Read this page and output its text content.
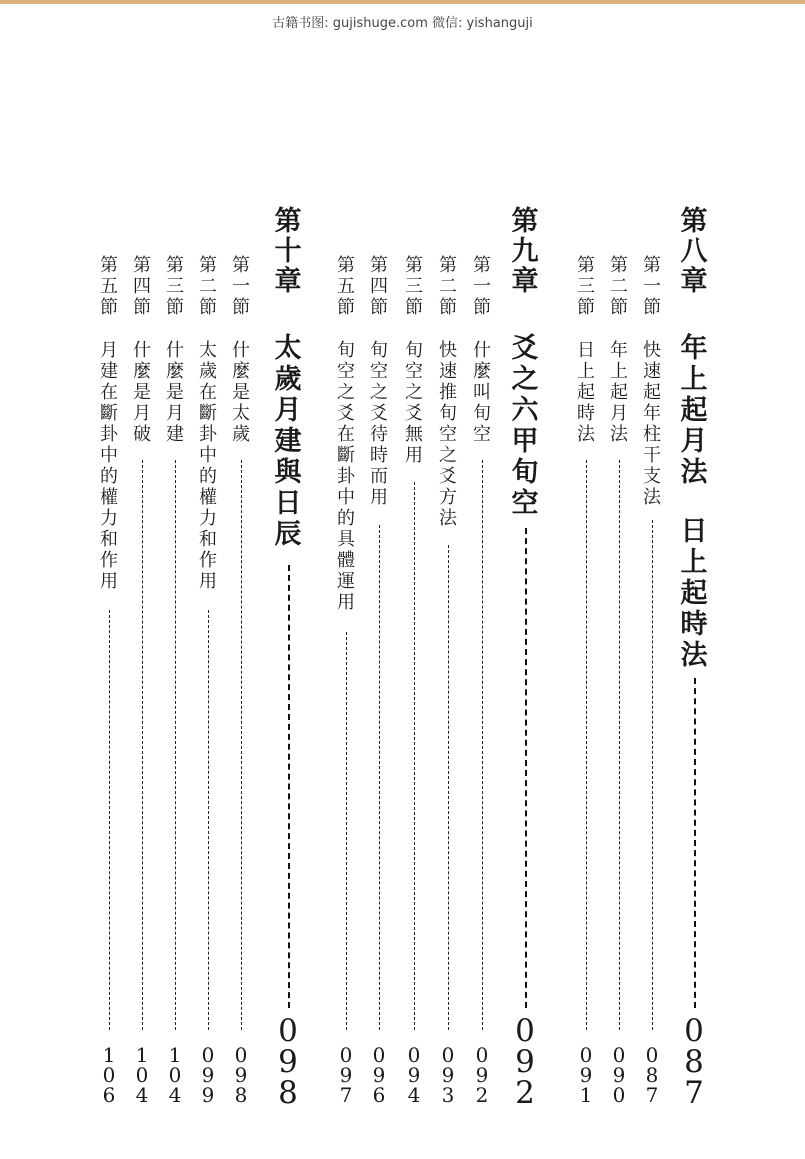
古籍书图: gujishuge.com 微信: yishanguji
第
八
章
年
上
起
月
法

日
上
起
時
法
0
8
7
第
一
節
快
速
起
年
柱
干
支
法
0
8
7
第
二
節
年
上
起
月
法
0
9
0
第
三
節
日
上
起
時
法
0
9
1
第
九
章
爻
之
六
甲
旬
空
0
9
2
第
一
節
什
麼
叫
旬
空
0
9
2
第
二
節
快
速
推
旬
空
之
爻
方
法
0
9
3
第
三
節
旬
空
之
爻
無
用
0
9
4
第
四
節
旬
空
之
爻
待
時
而
用
0
9
6
第
五
節
旬
空
之
爻
在
斷
卦
中
的
具
體
運
用
0
9
7
第
十
章
太
歲
月
建
與
日
辰
0
9
8
第
一
節
什
麼
是
太
歲
0
9
8
第
二
節
太
歲
在
斷
卦
中
的
權
力
和
作
用
0
9
9
第
三
節
什
麼
是
月
建
1
0
4
第
四
節
什
麼
是
月
破
1
0
4
第
五
節
月
建
在
斷
卦
中
的
權
力
和
作
用
1
0
6
